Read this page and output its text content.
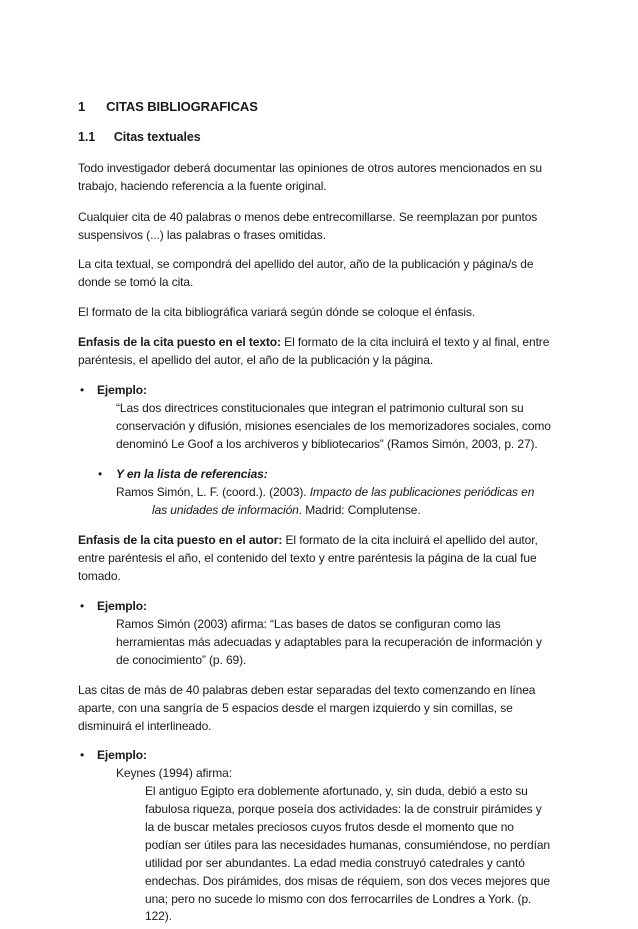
1 CITAS BIBLIOGRAFICAS
1.1 Citas textuales
Todo investigador deberá documentar las opiniones de otros autores mencionados en su
trabajo, haciendo referencia a la fuente original.
Cualquier cita de 40 palabras o menos debe entrecomillarse. Se reemplazan por puntos
suspensivos (...) las palabras o frases omitidas.
La cita textual, se compondrá del apellido del autor, año de la publicación y página/s de
donde se tomó la cita.
El formato de la cita bibliográfica variará según dónde se coloque el énfasis.
Enfasis de la cita puesto en el texto: El formato de la cita incluirá el texto y al final, entre
paréntesis, el apellido del autor, el año de la publicación y la página.
• Ejemplo:
“Las dos directrices constitucionales que integran el patrimonio cultural son su
conservación y difusión, misiones esenciales de los memorizadores sociales, como
denominó Le Goof a los archiveros y bibliotecarios” (Ramos Simón, 2003, p. 27).
• Y en la lista de referencias:
Ramos Simón, L. F. (coord.). (2003). Impacto de las publicaciones periódicas en
las unidades de información. Madrid: Complutense.
Enfasis de la cita puesto en el autor: El formato de la cita incluirá el apellido del autor,
entre paréntesis el año, el contenido del texto y entre paréntesis la página de la cual fue
tomado.
• Ejemplo:
Ramos Simón (2003) afirma: “Las bases de datos se configuran como las
herramientas más adecuadas y adaptables para la recuperación de información y
de conocimiento” (p. 69).
Las citas de más de 40 palabras deben estar separadas del texto comenzando en línea
aparte, con una sangría de 5 espacios desde el margen izquierdo y sin comillas, se
disminuirá el interlineado.
• Ejemplo:
Keynes (1994) afirma:
El antiguo Egipto era doblemente afortunado, y, sin duda, debió a esto su
fabulosa riqueza, porque poseía dos actividades: la de construir pirámides y
la de buscar metales preciosos cuyos frutos desde el momento que no
podían ser útiles para las necesidades humanas, consumiéndose, no perdían
utilidad por ser abundantes. La edad media construyó catedrales y cantó
endechas. Dos pirámides, dos misas de réquiem, son dos veces mejores que
una; pero no sucede lo mismo con dos ferrocarriles de Londres a York. (p.
122).
